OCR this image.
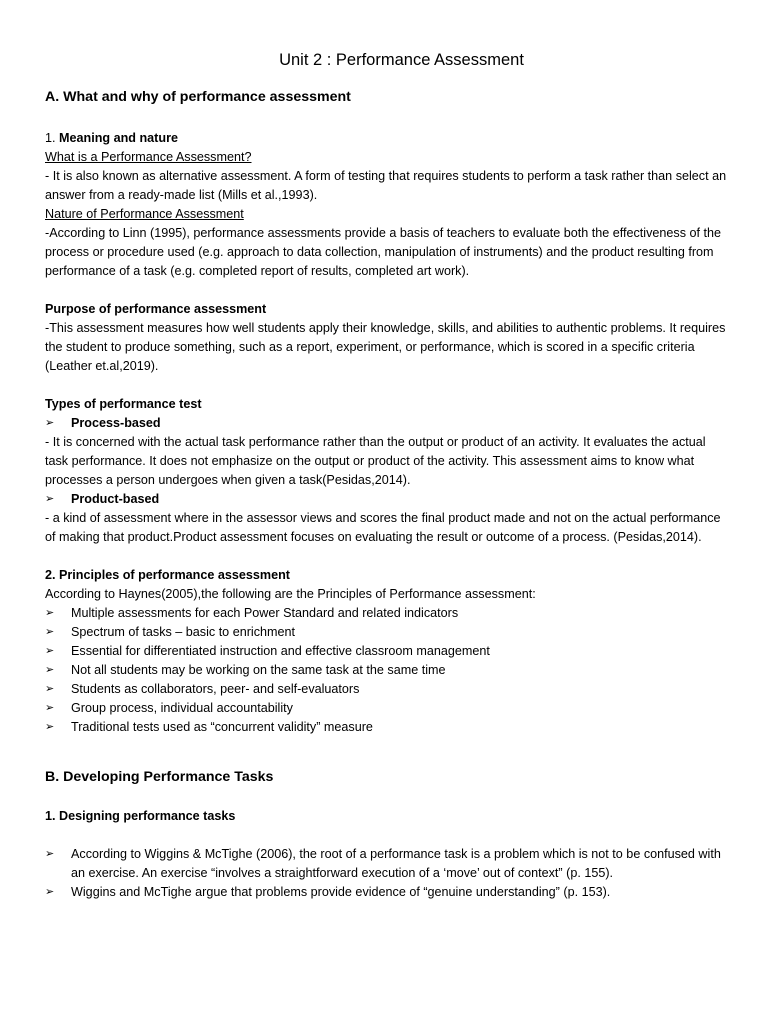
Unit 2 : Performance Assessment
A. What and why of performance assessment

1. Meaning and nature

What is a Performance Assessment?

- It is also known as alternative assessment. A form of testing that requires students to perform a task rather than select an answer from a ready-made list (Mills et al.,1993).

Nature of Performance Assessment

-According to Linn (1995), performance assessments provide a basis of teachers to evaluate both the effectiveness of the process or procedure used (e.g. approach to data collection, manipulation of instruments) and the product resulting from performance of a task (e.g. completed report of results, completed art work).

Purpose of performance assessment

-This assessment measures how well students apply their knowledge, skills, and abilities to authentic problems. It requires the student to produce something, such as a report, experiment, or performance, which is scored in a specific criteria (Leather et.al,2019).

Types of performance test

➢ Process-based

- It is concerned with the actual task performance rather than the output or product of an activity. It evaluates the actual task performance. It does not emphasize on the output or product of the activity. This assessment aims to know what processes a person undergoes when given a task(Pesidas,2014).

➢ Product-based

- a kind of assessment where in the assessor views and scores the final product made and not on the actual performance of making that product.Product assessment focuses on evaluating the result or outcome of a process. (Pesidas,2014).

2. Principles of performance assessment

According to Haynes(2005),the following are the Principles of Performance assessment:

➢ Multiple assessments for each Power Standard and related indicators
➢ Spectrum of tasks – basic to enrichment
➢ Essential for differentiated instruction and effective classroom management
➢ Not all students may be working on the same task at the same time
➢ Students as collaborators, peer- and self-evaluators
➢ Group process, individual accountability
➢ Traditional tests used as “concurrent validity” measure
B. Developing Performance Tasks

1. Designing performance tasks

➢ According to Wiggins & McTighe (2006), the root of a performance task is a problem which is not to be confused with an exercise. An exercise “involves a straightforward execution of a ‘move’ out of context” (p. 155).
➢ Wiggins and McTighe argue that problems provide evidence of “genuine understanding” (p. 153).
